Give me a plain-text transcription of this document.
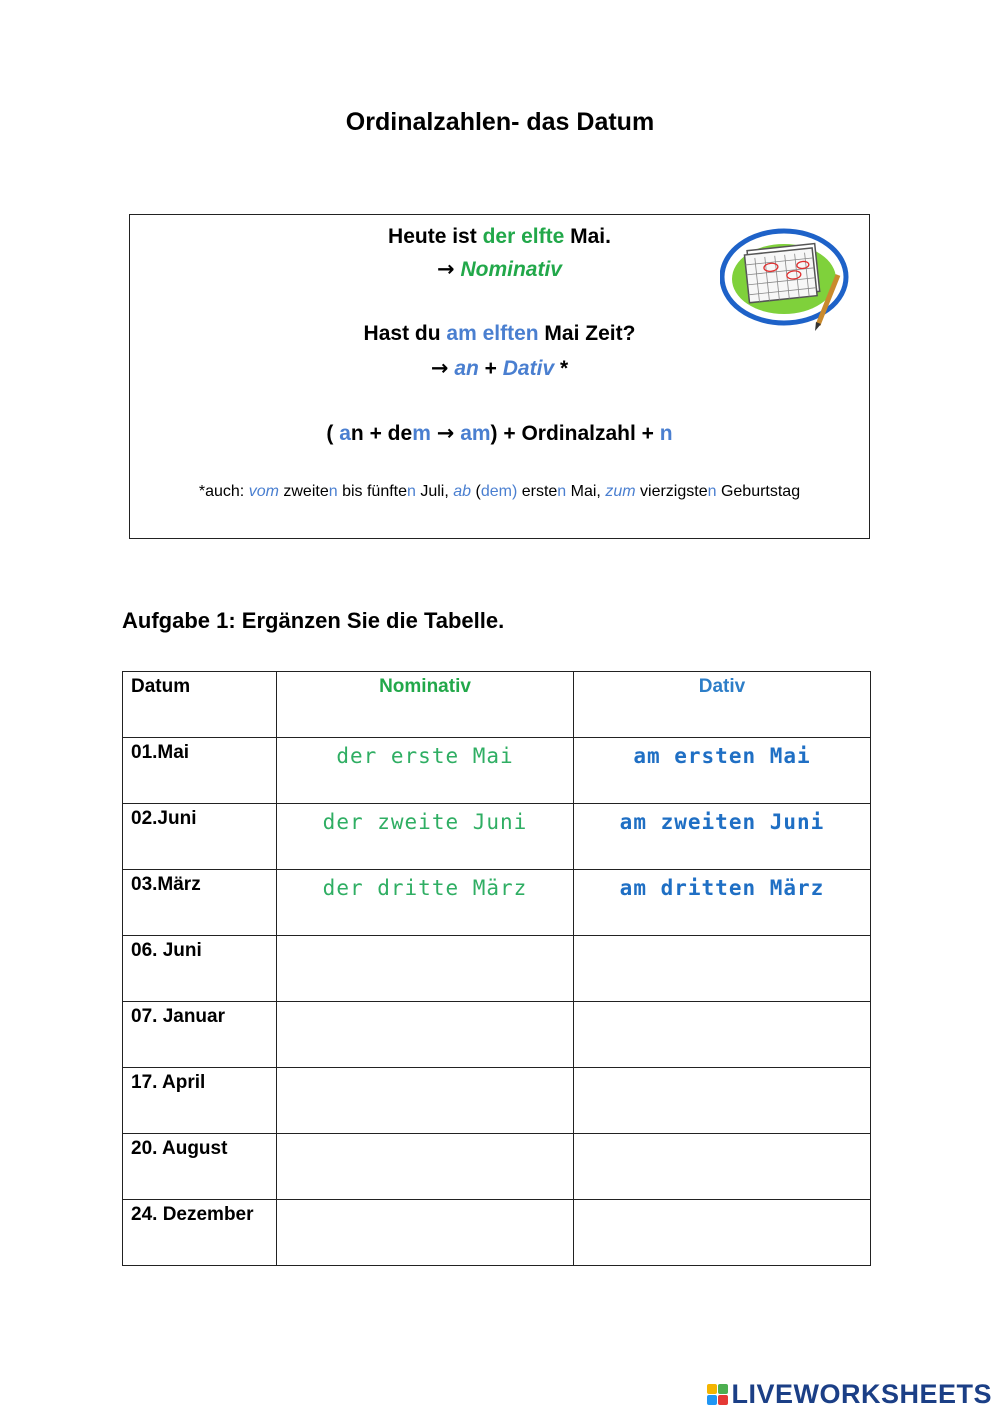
Ordinalzahlen- das Datum
Heute ist der elfte Mai.
→ Nominativ
Hast du am elften Mai Zeit?
→ an + Dativ *
( an + dem → am) + Ordinalzahl + n
*auch: vom zweiten bis fünften Juli, ab (dem) ersten Mai, zum vierzigsten Geburtstag
Aufgabe 1: Ergänzen Sie die Tabelle.
Datum	Nominativ	Dativ
01.Mai	der erste Mai	am ersten Mai
02.Juni	der zweite Juni	am zweiten Juni
03.März	der dritte März	am dritten März
06. Juni		
07. Januar		
17. April		
20. August		
24. Dezember		
LIVEWORKSHEETS
